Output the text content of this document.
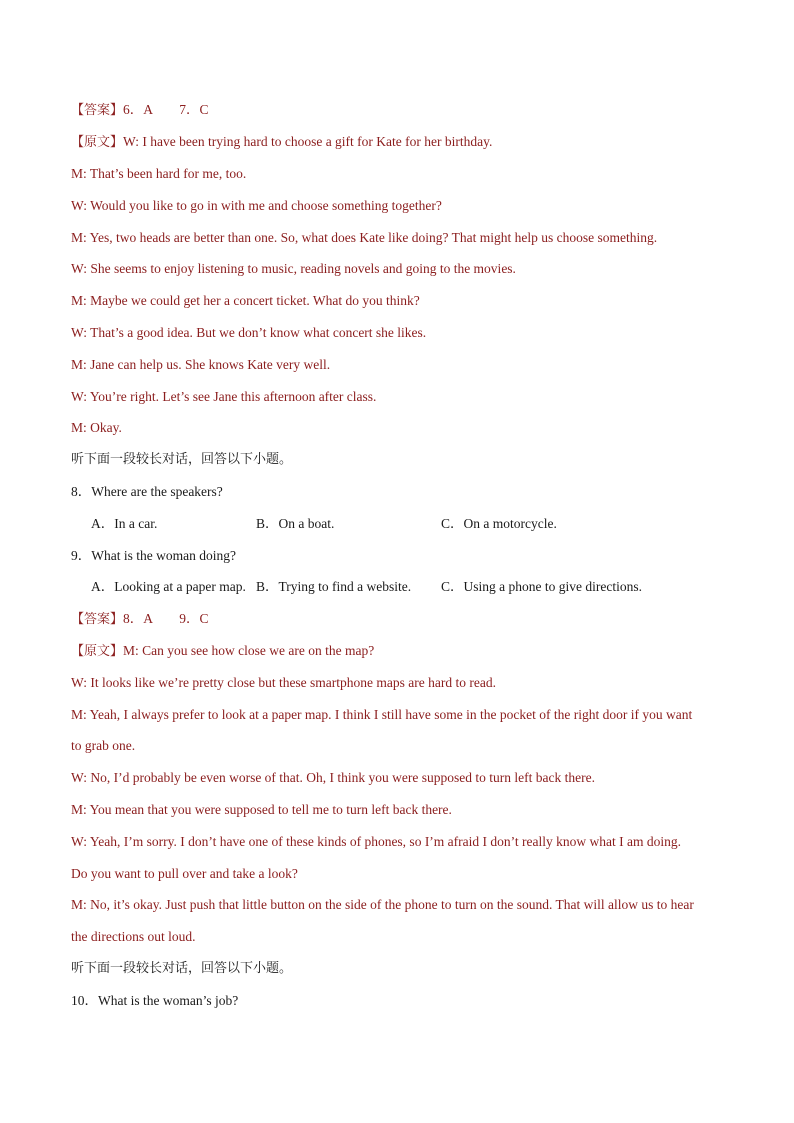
【答案】6．A　　7．C
【原文】W: I have been trying hard to choose a gift for Kate for her birthday.
M: That’s been hard for me, too.
W: Would you like to go in with me and choose something together?
M: Yes, two heads are better than one. So, what does Kate like doing? That might help us choose something.
W: She seems to enjoy listening to music, reading novels and going to the movies.
M: Maybe we could get her a concert ticket. What do you think?
W: That’s a good idea. But we don’t know what concert she likes.
M: Jane can help us. She knows Kate very well.
W: You’re right. Let’s see Jane this afternoon after class.
M: Okay.
听下面一段较长对话，回答以下小题。
8．Where are the speakers?
A．In a car.	B．On a boat.	C．On a motorcycle.
9．What is the woman doing?
A．Looking at a paper map. B．Trying to find a website. C．Using a phone to give directions.
【答案】8．A　　9．C
【原文】M: Can you see how close we are on the map?
W: It looks like we’re pretty close but these smartphone maps are hard to read.
M: Yeah, I always prefer to look at a paper map. I think I still have some in the pocket of the right door if you want
to grab one.
W: No, I’d probably be even worse of that. Oh, I think you were supposed to turn left back there.
M: You mean that you were supposed to tell me to turn left back there.
W: Yeah, I’m sorry. I don’t have one of these kinds of phones, so I’m afraid I don’t really know what I am doing.
Do you want to pull over and take a look?
M: No, it’s okay. Just push that little button on the side of the phone to turn on the sound. That will allow us to hear
the directions out loud.
听下面一段较长对话，回答以下小题。
10．What is the woman’s job?
